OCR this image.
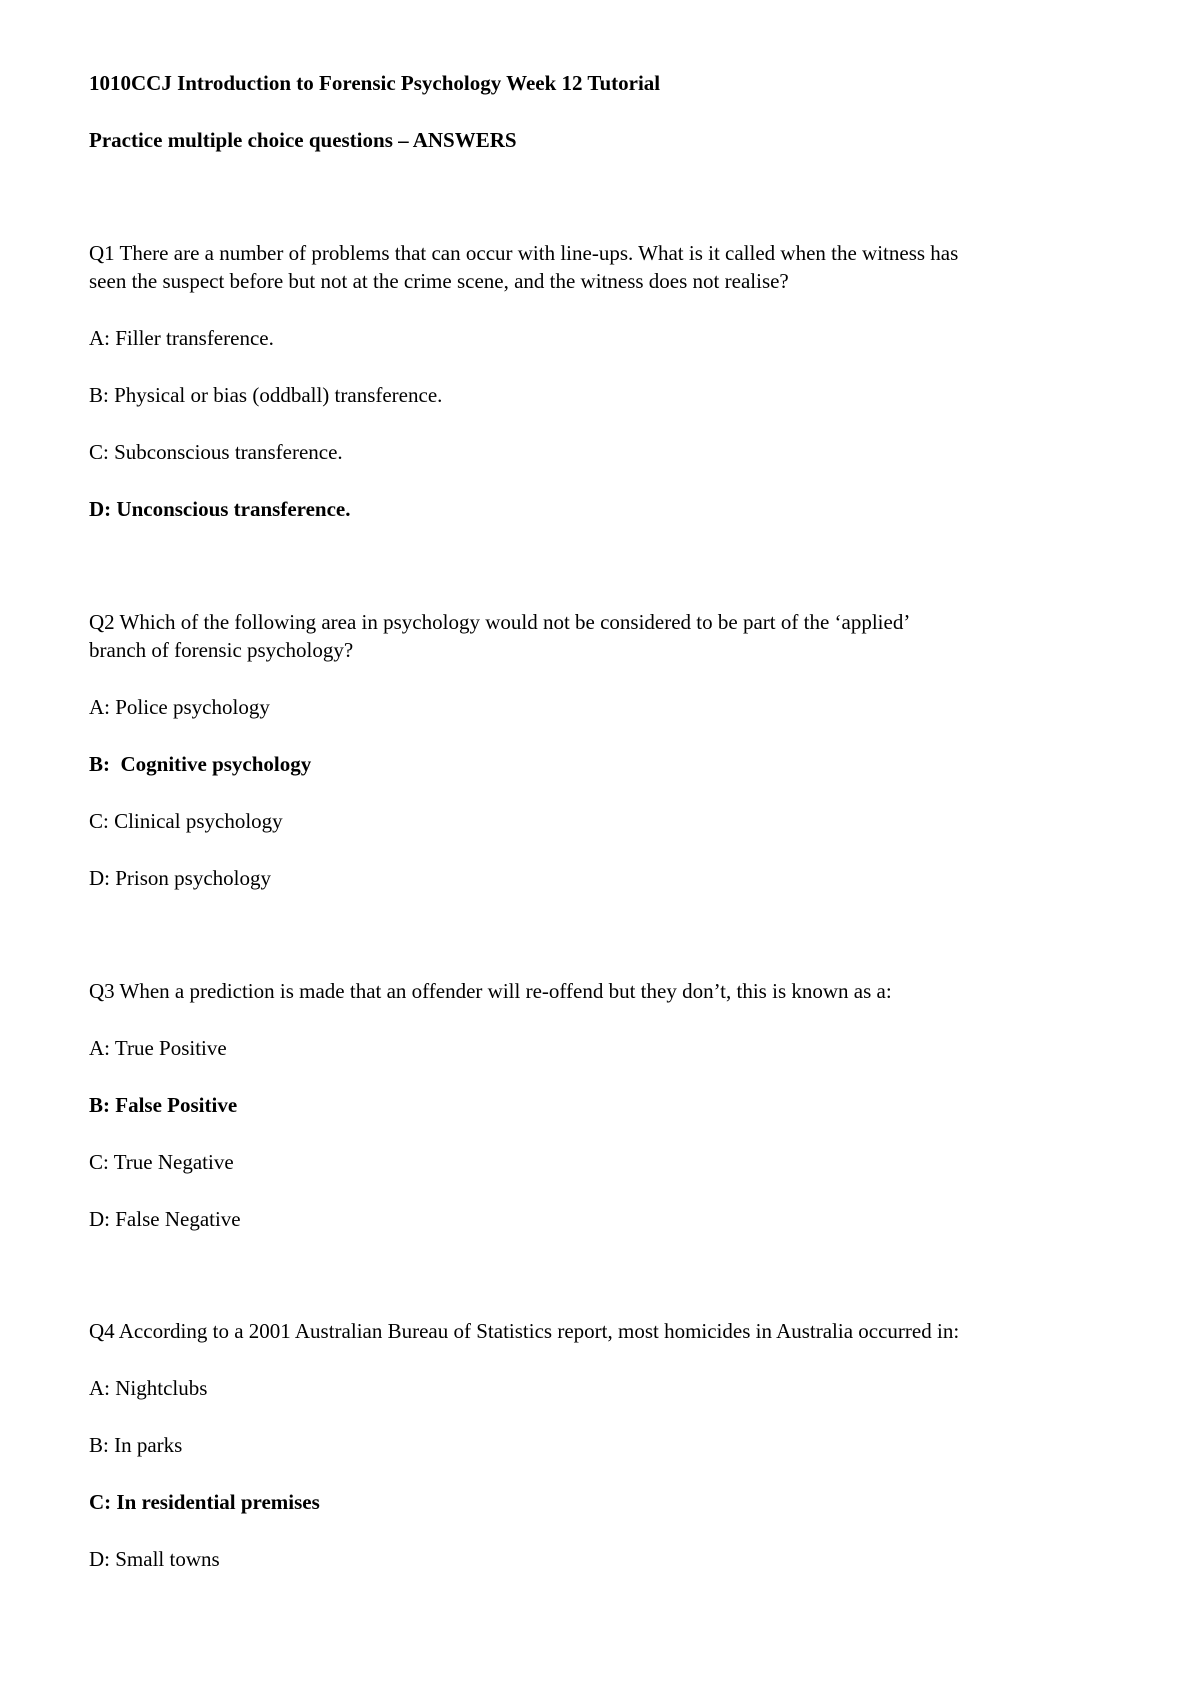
1010CCJ Introduction to Forensic Psychology Week 12 Tutorial
Practice multiple choice questions – ANSWERS
Q1 There are a number of problems that can occur with line-ups. What is it called when the witness has
seen the suspect before but not at the crime scene, and the witness does not realise?
A: Filler transference.
B: Physical or bias (oddball) transference.
C: Subconscious transference.
D: Unconscious transference.
Q2 Which of the following area in psychology would not be considered to be part of the ‘applied’
branch of forensic psychology?
A: Police psychology
B:  Cognitive psychology
C: Clinical psychology
D: Prison psychology
Q3 When a prediction is made that an offender will re-offend but they don’t, this is known as a:
A: True Positive
B: False Positive
C: True Negative
D: False Negative
Q4 According to a 2001 Australian Bureau of Statistics report, most homicides in Australia occurred in:
A: Nightclubs
B: In parks
C: In residential premises
D: Small towns
